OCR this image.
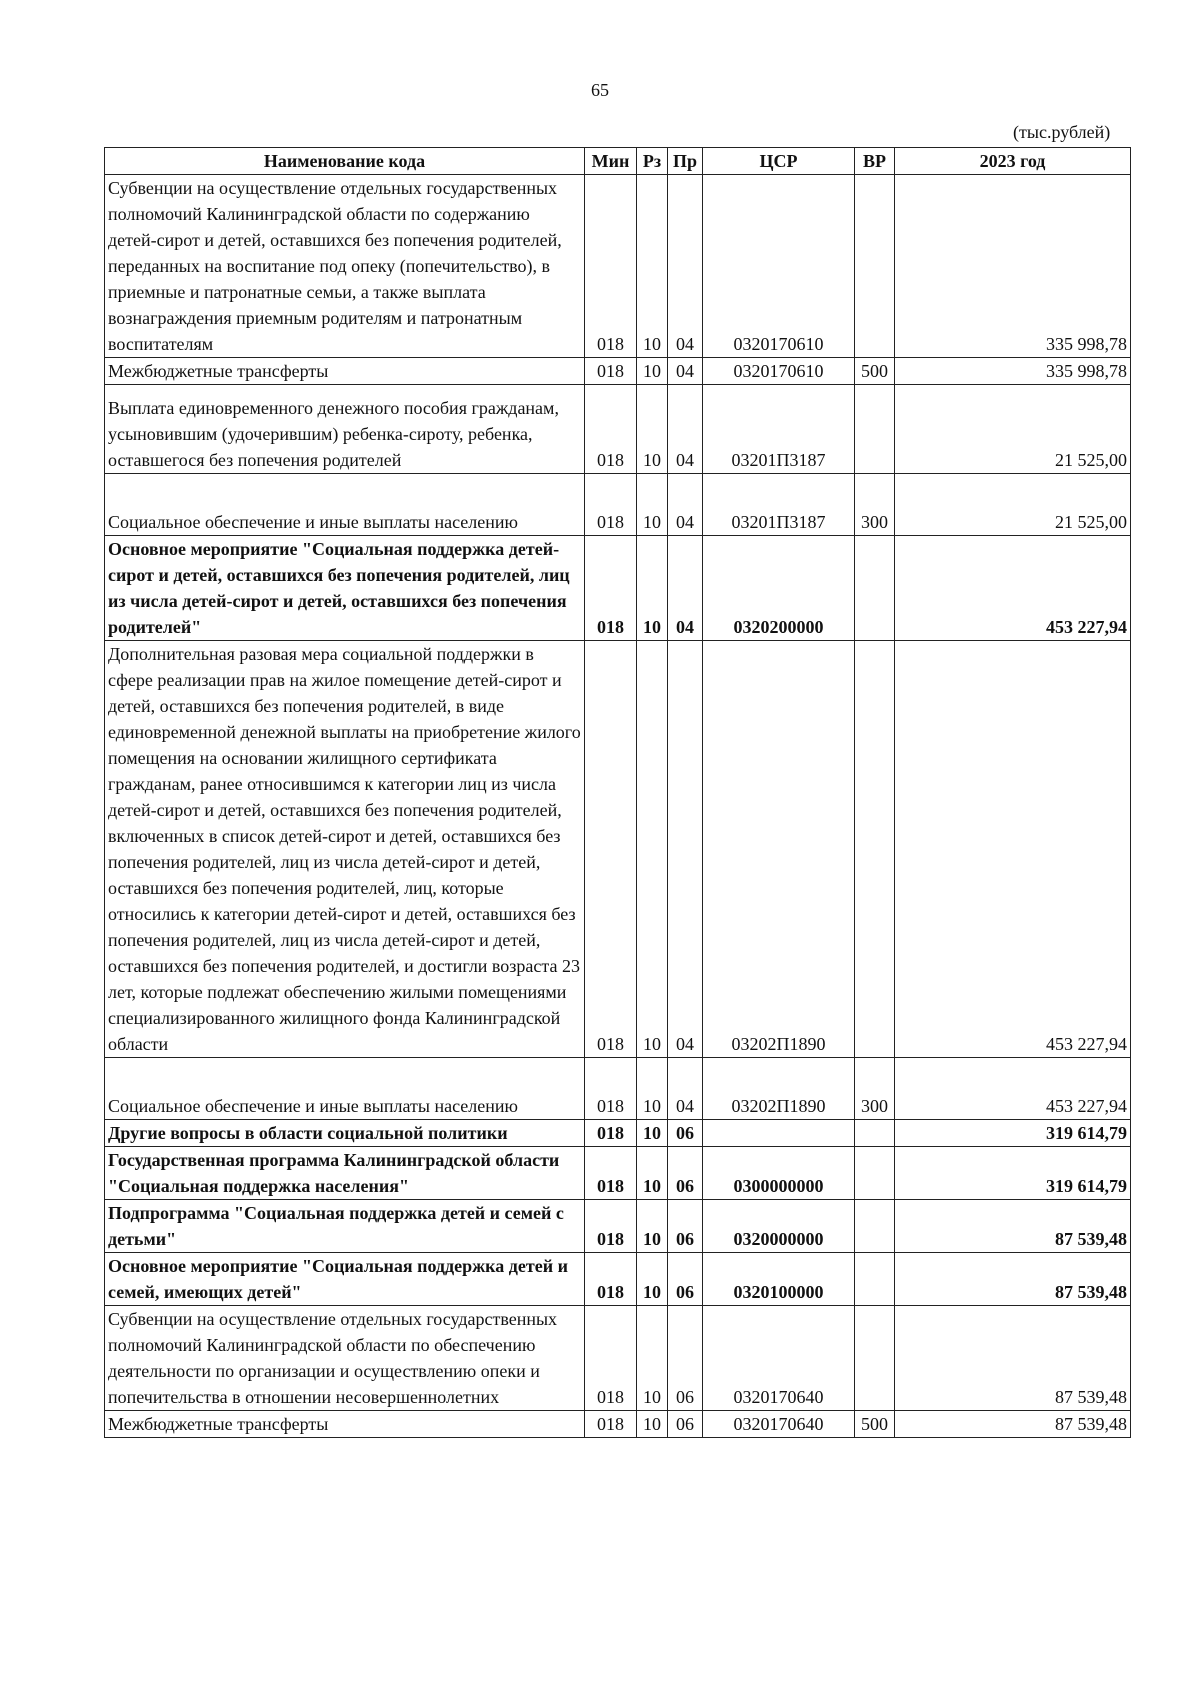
65
(тыс.рублей)
Наименование кода	Мин	Рз	Пр	ЦСР	ВР	2023 год
Субвенции на осуществление отдельных государственных полномочий Калининградской области по содержанию детей-сирот и детей, оставшихся без попечения родителей, переданных на воспитание под опеку (попечительство), в приемные и патронатные семьи, а также выплата вознаграждения приемным родителям и патронатным воспитателям	018	10	04	0320170610		335 998,78
Межбюджетные трансферты	018	10	04	0320170610	500	335 998,78
Выплата единовременного денежного пособия гражданам, усыновившим (удочерившим) ребенка-сироту, ребенка, оставшегося без попечения родителей	018	10	04	03201П3187		21 525,00
Социальное обеспечение и иные выплаты населению	018	10	04	03201П3187	300	21 525,00
Основное мероприятие "Социальная поддержка детей-сирот и детей, оставшихся без попечения родителей, лиц из числа детей-сирот и детей, оставшихся без попечения родителей"	018	10	04	0320200000		453 227,94
Дополнительная разовая мера социальной поддержки в сфере реализации прав на жилое помещение детей-сирот и детей, оставшихся без попечения родителей, в виде единовременной денежной выплаты на приобретение жилого помещения на основании жилищного сертификата гражданам, ранее относившимся к категории лиц из числа детей-сирот и детей, оставшихся без попечения родителей, включенных в список детей-сирот и детей, оставшихся без попечения родителей, лиц из числа детей-сирот и детей, оставшихся без попечения родителей, лиц, которые относились к категории детей-сирот и детей, оставшихся без попечения родителей, лиц из числа детей-сирот и детей, оставшихся без попечения родителей, и достигли возраста 23 лет, которые подлежат обеспечению жилыми помещениями специализированного жилищного фонда Калининградской области	018	10	04	03202П1890		453 227,94
Социальное обеспечение и иные выплаты населению	018	10	04	03202П1890	300	453 227,94
Другие вопросы в области социальной политики	018	10	06			319 614,79
Государственная программа Калининградской области "Социальная поддержка населения"	018	10	06	0300000000		319 614,79
Подпрограмма "Социальная поддержка детей и семей с детьми"	018	10	06	0320000000		87 539,48
Основное мероприятие "Социальная поддержка детей и семей, имеющих детей"	018	10	06	0320100000		87 539,48
Субвенции на осуществление отдельных государственных полномочий Калининградской области по обеспечению деятельности по организации и осуществлению опеки и попечительства в отношении несовершеннолетних	018	10	06	0320170640		87 539,48
Межбюджетные трансферты	018	10	06	0320170640	500	87 539,48
